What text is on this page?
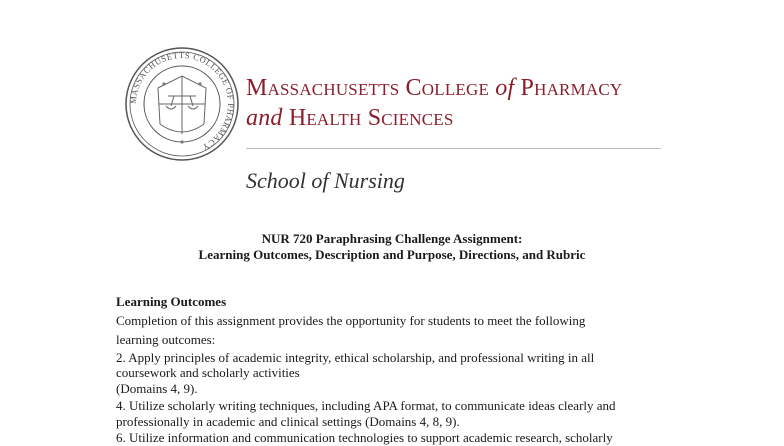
MASSACHUSETTS COLLEGE OF PHARMACY
Massachusetts College of Pharmacy
and Health Sciences
School of Nursing
NUR 720 Paraphrasing Challenge Assignment:
Learning Outcomes, Description and Purpose, Directions, and Rubric
Learning Outcomes
Completion of this assignment provides the opportunity for students to meet the following
learning outcomes:
2. Apply principles of academic integrity, ethical scholarship, and professional writing in all
coursework and scholarly activities
(Domains 4, 9).
4. Utilize scholarly writing techniques, including APA format, to communicate ideas clearly and
professionally in academic and clinical settings (Domains 4, 8, 9).
6. Utilize information and communication technologies to support academic research, scholarly
